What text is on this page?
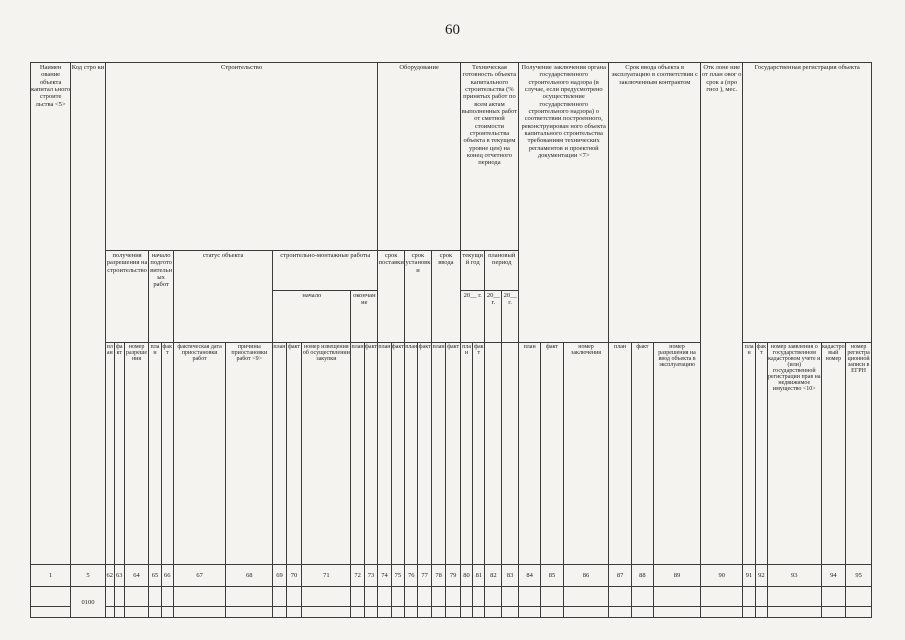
60
Наимен ование объекта капитал ьного строите льства <5>	Код стро ки	Строительство												Оборудование						Техническая готовность объекта капитального строительства (% принятых работ по всем актам выполненных работ от сметной стоимости строительства объекта в текущем уровне цен) на конец отчетного периода				Получение заключения органа государственного строительного надзора (в случае, если предусмотрено осуществление государственного строительного надзора) о соответствии построенного, реконструирован ного объекта капитального строительства требованиям технических регламентов и проектной документации <7>			Срок ввода объекта в эксплуатацию в соответствии с заключенным контрактом			Отк лоне ние от план овог о срок а (про гноз ), мес.	Государственная регистрация объекта				
		получения разрешения на строительство			начало подготовительных работ		статус объекта		строительно-монтажные работы					срок поставки		срок установки		срок ввода		текущий год		плановый период													
									начало			окончание								20__ г.		20__ г.	20__ г.												
		план	факт	номер разрешения	план	факт	фактическая дата приостановки работ	причины приостановки работ <9>	план	факт	номер извещения об осуществлении закупки	план	факт	план	факт	план	факт	план	факт	план	факт			план	факт	номер заключения	план	факт	номер разрешения на ввод объекта в эксплуатацию		план	факт	номер заявления о государственном кадастровом учете и (или) государственной регистрации прав на недвижимое имущество <10>	кадастровый номер	номер регистрационной записи в ЕГРН
1	5	62	63	64	65	66	67	68	69	70	71	72	73	74	75	76	77	78	79	80	81	82	83	84	85	86	87	88	89	90	91	92	93	94	95
	0100																																		
